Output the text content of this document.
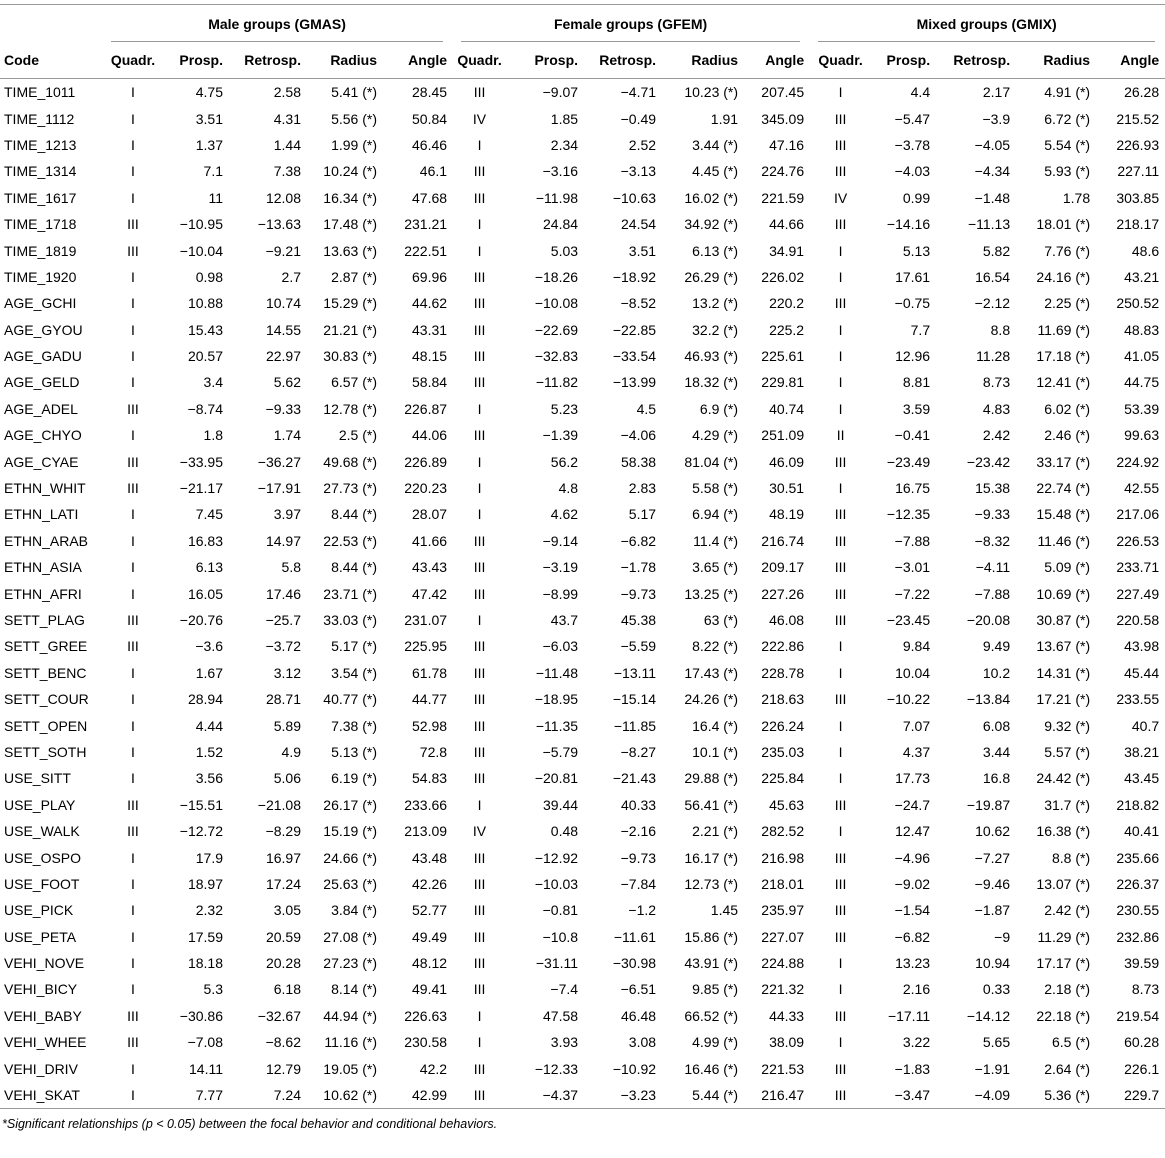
	Male groups (GMAS)					Female groups (GFEM)					Mixed groups (GMIX)				

Code	Quadr.	Prosp.	Retrosp.	Radius	Angle	Quadr.	Prosp.	Retrosp.	Radius	Angle	Quadr.	Prosp.	Retrosp.	Radius	Angle
TIME_1011	I	4.75	2.58	5.41 (*)	28.45	III	−9.07	−4.71	10.23 (*)	207.45	I	4.4	2.17	4.91 (*)	26.28
TIME_1112	I	3.51	4.31	5.56 (*)	50.84	IV	1.85	−0.49	1.91	345.09	III	−5.47	−3.9	6.72 (*)	215.52
TIME_1213	I	1.37	1.44	1.99 (*)	46.46	I	2.34	2.52	3.44 (*)	47.16	III	−3.78	−4.05	5.54 (*)	226.93
TIME_1314	I	7.1	7.38	10.24 (*)	46.1	III	−3.16	−3.13	4.45 (*)	224.76	III	−4.03	−4.34	5.93 (*)	227.11
TIME_1617	I	11	12.08	16.34 (*)	47.68	III	−11.98	−10.63	16.02 (*)	221.59	IV	0.99	−1.48	1.78	303.85
TIME_1718	III	−10.95	−13.63	17.48 (*)	231.21	I	24.84	24.54	34.92 (*)	44.66	III	−14.16	−11.13	18.01 (*)	218.17
TIME_1819	III	−10.04	−9.21	13.63 (*)	222.51	I	5.03	3.51	6.13 (*)	34.91	I	5.13	5.82	7.76 (*)	48.6
TIME_1920	I	0.98	2.7	2.87 (*)	69.96	III	−18.26	−18.92	26.29 (*)	226.02	I	17.61	16.54	24.16 (*)	43.21
AGE_GCHI	I	10.88	10.74	15.29 (*)	44.62	III	−10.08	−8.52	13.2 (*)	220.2	III	−0.75	−2.12	2.25 (*)	250.52
AGE_GYOU	I	15.43	14.55	21.21 (*)	43.31	III	−22.69	−22.85	32.2 (*)	225.2	I	7.7	8.8	11.69 (*)	48.83
AGE_GADU	I	20.57	22.97	30.83 (*)	48.15	III	−32.83	−33.54	46.93 (*)	225.61	I	12.96	11.28	17.18 (*)	41.05
AGE_GELD	I	3.4	5.62	6.57 (*)	58.84	III	−11.82	−13.99	18.32 (*)	229.81	I	8.81	8.73	12.41 (*)	44.75
AGE_ADEL	III	−8.74	−9.33	12.78 (*)	226.87	I	5.23	4.5	6.9 (*)	40.74	I	3.59	4.83	6.02 (*)	53.39
AGE_CHYO	I	1.8	1.74	2.5 (*)	44.06	III	−1.39	−4.06	4.29 (*)	251.09	II	−0.41	2.42	2.46 (*)	99.63
AGE_CYAE	III	−33.95	−36.27	49.68 (*)	226.89	I	56.2	58.38	81.04 (*)	46.09	III	−23.49	−23.42	33.17 (*)	224.92
ETHN_WHIT	III	−21.17	−17.91	27.73 (*)	220.23	I	4.8	2.83	5.58 (*)	30.51	I	16.75	15.38	22.74 (*)	42.55
ETHN_LATI	I	7.45	3.97	8.44 (*)	28.07	I	4.62	5.17	6.94 (*)	48.19	III	−12.35	−9.33	15.48 (*)	217.06
ETHN_ARAB	I	16.83	14.97	22.53 (*)	41.66	III	−9.14	−6.82	11.4 (*)	216.74	III	−7.88	−8.32	11.46 (*)	226.53
ETHN_ASIA	I	6.13	5.8	8.44 (*)	43.43	III	−3.19	−1.78	3.65 (*)	209.17	III	−3.01	−4.11	5.09 (*)	233.71
ETHN_AFRI	I	16.05	17.46	23.71 (*)	47.42	III	−8.99	−9.73	13.25 (*)	227.26	III	−7.22	−7.88	10.69 (*)	227.49
SETT_PLAG	III	−20.76	−25.7	33.03 (*)	231.07	I	43.7	45.38	63 (*)	46.08	III	−23.45	−20.08	30.87 (*)	220.58
SETT_GREE	III	−3.6	−3.72	5.17 (*)	225.95	III	−6.03	−5.59	8.22 (*)	222.86	I	9.84	9.49	13.67 (*)	43.98
SETT_BENC	I	1.67	3.12	3.54 (*)	61.78	III	−11.48	−13.11	17.43 (*)	228.78	I	10.04	10.2	14.31 (*)	45.44
SETT_COUR	I	28.94	28.71	40.77 (*)	44.77	III	−18.95	−15.14	24.26 (*)	218.63	III	−10.22	−13.84	17.21 (*)	233.55
SETT_OPEN	I	4.44	5.89	7.38 (*)	52.98	III	−11.35	−11.85	16.4 (*)	226.24	I	7.07	6.08	9.32 (*)	40.7
SETT_SOTH	I	1.52	4.9	5.13 (*)	72.8	III	−5.79	−8.27	10.1 (*)	235.03	I	4.37	3.44	5.57 (*)	38.21
USE_SITT	I	3.56	5.06	6.19 (*)	54.83	III	−20.81	−21.43	29.88 (*)	225.84	I	17.73	16.8	24.42 (*)	43.45
USE_PLAY	III	−15.51	−21.08	26.17 (*)	233.66	I	39.44	40.33	56.41 (*)	45.63	III	−24.7	−19.87	31.7 (*)	218.82
USE_WALK	III	−12.72	−8.29	15.19 (*)	213.09	IV	0.48	−2.16	2.21 (*)	282.52	I	12.47	10.62	16.38 (*)	40.41
USE_OSPO	I	17.9	16.97	24.66 (*)	43.48	III	−12.92	−9.73	16.17 (*)	216.98	III	−4.96	−7.27	8.8 (*)	235.66
USE_FOOT	I	18.97	17.24	25.63 (*)	42.26	III	−10.03	−7.84	12.73 (*)	218.01	III	−9.02	−9.46	13.07 (*)	226.37
USE_PICK	I	2.32	3.05	3.84 (*)	52.77	III	−0.81	−1.2	1.45	235.97	III	−1.54	−1.87	2.42 (*)	230.55
USE_PETA	I	17.59	20.59	27.08 (*)	49.49	III	−10.8	−11.61	15.86 (*)	227.07	III	−6.82	−9	11.29 (*)	232.86
VEHI_NOVE	I	18.18	20.28	27.23 (*)	48.12	III	−31.11	−30.98	43.91 (*)	224.88	I	13.23	10.94	17.17 (*)	39.59
VEHI_BICY	I	5.3	6.18	8.14 (*)	49.41	III	−7.4	−6.51	9.85 (*)	221.32	I	2.16	0.33	2.18 (*)	8.73
VEHI_BABY	III	−30.86	−32.67	44.94 (*)	226.63	I	47.58	46.48	66.52 (*)	44.33	III	−17.11	−14.12	22.18 (*)	219.54
VEHI_WHEE	III	−7.08	−8.62	11.16 (*)	230.58	I	3.93	3.08	4.99 (*)	38.09	I	3.22	5.65	6.5 (*)	60.28
VEHI_DRIV	I	14.11	12.79	19.05 (*)	42.2	III	−12.33	−10.92	16.46 (*)	221.53	III	−1.83	−1.91	2.64 (*)	226.1
VEHI_SKAT	I	7.77	7.24	10.62 (*)	42.99	III	−4.37	−3.23	5.44 (*)	216.47	III	−3.47	−4.09	5.36 (*)	229.7
*Significant relationships (p < 0.05) between the focal behavior and conditional behaviors.
